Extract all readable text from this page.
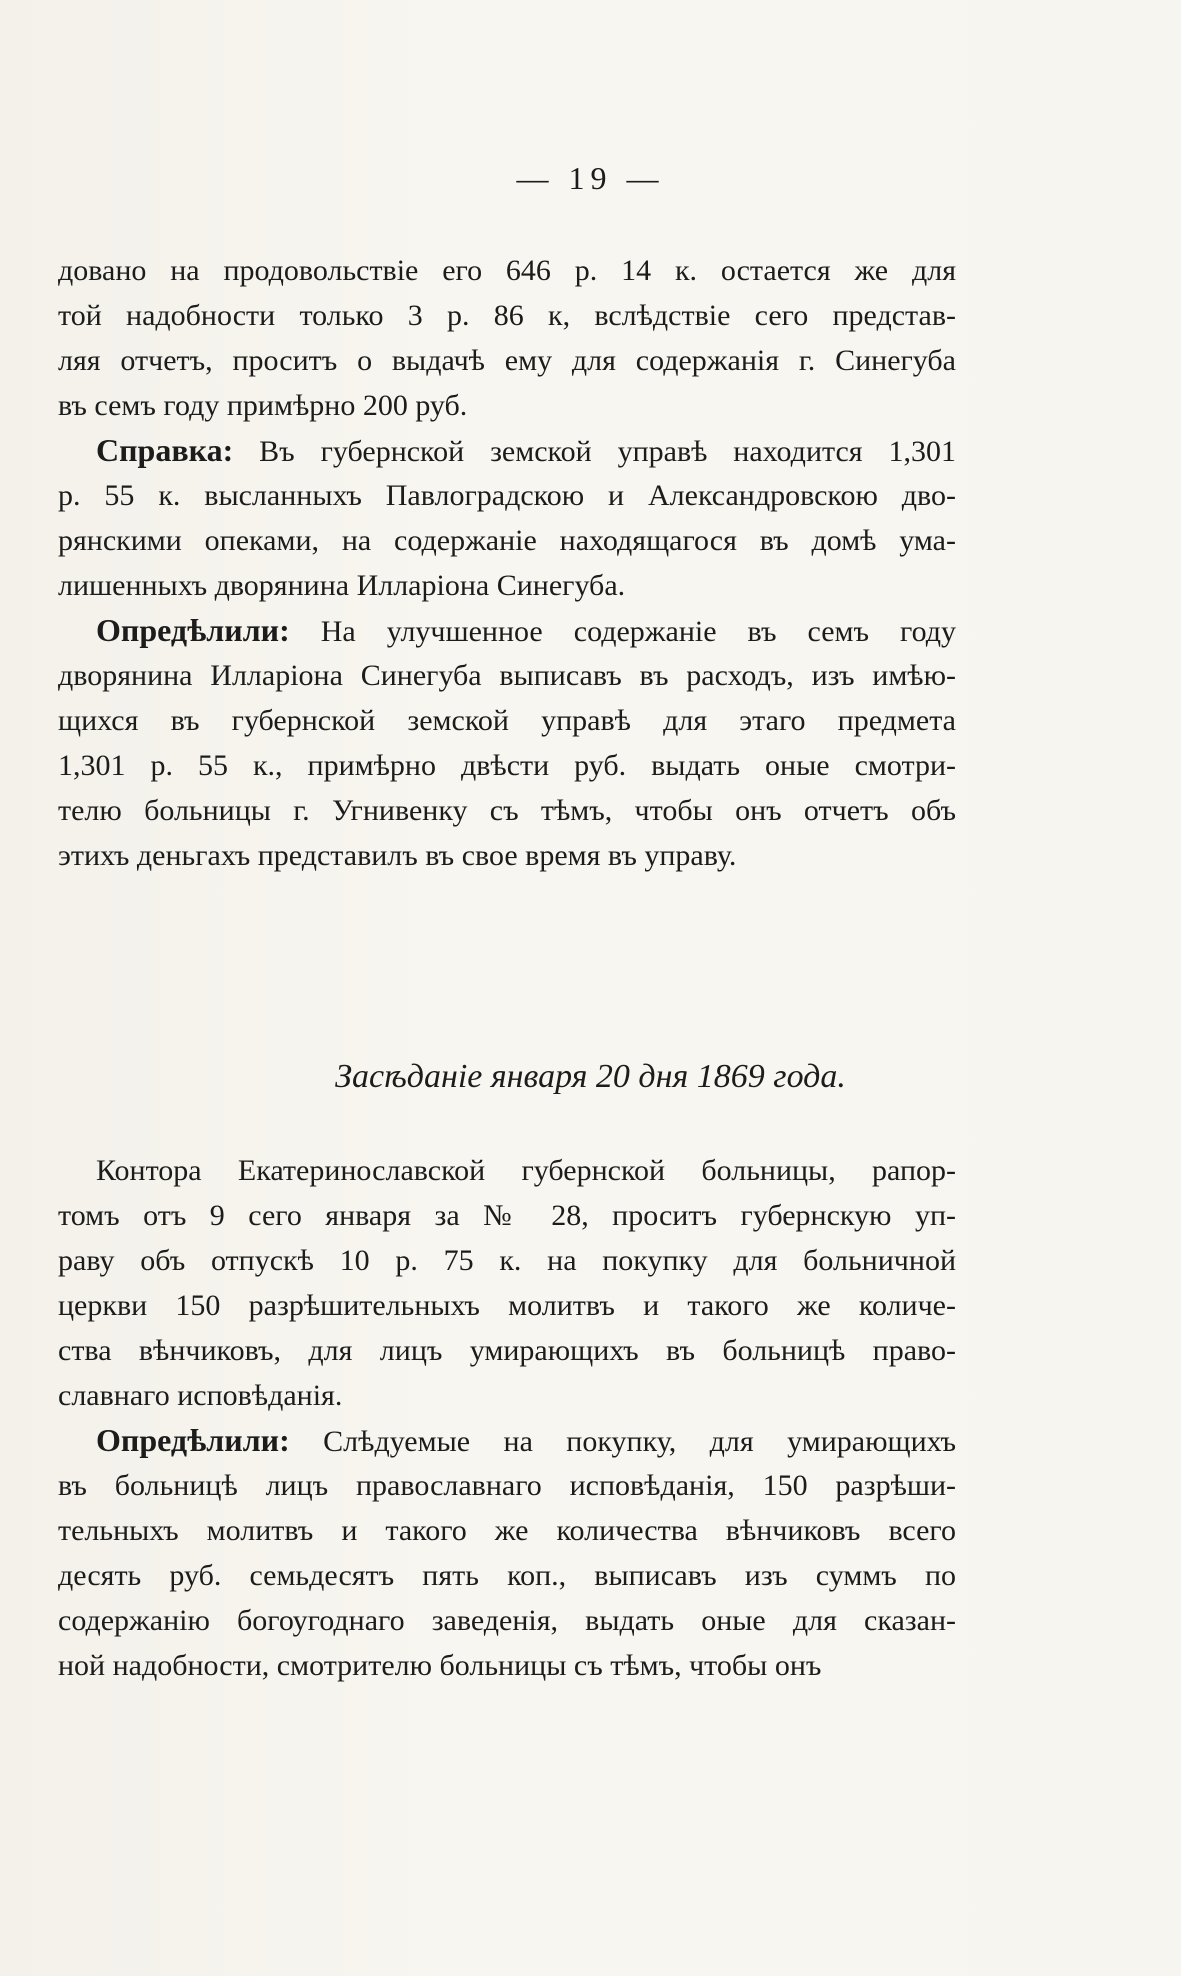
— 19 —
довано на продовольствіе его 646 р. 14 к. остается же для
той надобности только 3 р. 86 к, вслѣдствіе сего представ-
ляя отчетъ, проситъ о выдачѣ ему для содержанія г. Синегуба
въ семъ году примѣрно 200 руб.
Справка: Въ губернской земской управѣ находится 1,301
р. 55 к. высланныхъ Павлоградскою и Александровскою дво-
рянскими опеками, на содержаніе находящагося въ домѣ ума-
лишенныхъ дворянина Илларіона Синегуба.
Опредѣлили: На улучшенное содержаніе въ семъ году
дворянина Илларіона Синегуба выписавъ въ расходъ, изъ имѣю-
щихся въ губернской земской управѣ для этаго предмета
1,301 р. 55 к., примѣрно двѣсти руб. выдать оные смотри-
телю больницы г. Угнивенку съ тѣмъ, чтобы онъ отчетъ объ
этихъ деньгахъ представилъ въ свое время въ управу.
Засѣданіе января 20 дня 1869 года.
Контора Екатеринославской губернской больницы, рапор-
томъ отъ 9 сего января за № 28, проситъ губернскую уп-
раву объ отпускѣ 10 р. 75 к. на покупку для больничной
церкви 150 разрѣшительныхъ молитвъ и такого же количе-
ства вѣнчиковъ, для лицъ умирающихъ въ больницѣ право-
славнаго исповѣданія.
Опредѣлили: Слѣдуемые на покупку, для умирающихъ
въ больницѣ лицъ православнаго исповѣданія, 150 разрѣши-
тельныхъ молитвъ и такого же количества вѣнчиковъ всего
десять руб. семьдесятъ пять коп., выписавъ изъ суммъ по
содержанію богоугоднаго заведенія, выдать оные для сказан-
ной надобности, смотрителю больницы съ тѣмъ, чтобы онъ
